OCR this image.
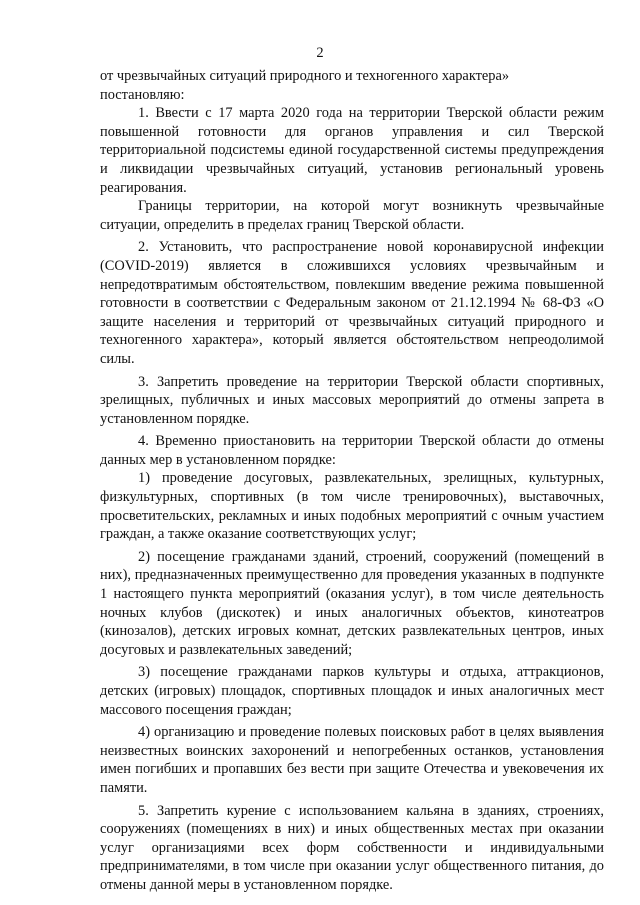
2

от чрезвычайных ситуаций природного и техногенного характера»

постановляю:

1. Ввести с 17 марта 2020 года на территории Тверской области режим повышенной готовности для органов управления и сил Тверской территориальной подсистемы единой государственной системы предупреждения и ликвидации чрезвычайных ситуаций, установив региональный уровень реагирования.

Границы территории, на которой могут возникнуть чрезвычайные ситуации, определить в пределах границ Тверской области.

2. Установить, что распространение новой коронавирусной инфекции (COVID-2019) является в сложившихся условиях чрезвычайным и непредотвратимым обстоятельством, повлекшим введение режима повышенной готовности в соответствии с Федеральным законом от 21.12.1994 № 68-ФЗ «О защите населения и территорий от чрезвычайных ситуаций природного и техногенного характера», который является обстоятельством непреодолимой силы.

3. Запретить проведение на территории Тверской области спортивных, зрелищных, публичных и иных массовых мероприятий до отмены запрета в установленном порядке.

4. Временно приостановить на территории Тверской области до отмены данных мер в установленном порядке:

1) проведение досуговых, развлекательных, зрелищных, культурных, физкультурных, спортивных (в том числе тренировочных), выставочных, просветительских, рекламных и иных подобных мероприятий с очным участием граждан, а также оказание соответствующих услуг;

2) посещение гражданами зданий, строений, сооружений (помещений в них), предназначенных преимущественно для проведения указанных в подпункте 1 настоящего пункта мероприятий (оказания услуг), в том числе деятельность ночных клубов (дискотек) и иных аналогичных объектов, кинотеатров (кинозалов), детских игровых комнат, детских развлекательных центров, иных досуговых и развлекательных заведений;

3) посещение гражданами парков культуры и отдыха, аттракционов, детских (игровых) площадок, спортивных площадок и иных аналогичных мест массового посещения граждан;

4) организацию и проведение полевых поисковых работ в целях выявления неизвестных воинских захоронений и непогребенных останков, установления имен погибших и пропавших без вести при защите Отечества и увековечения их памяти.

5. Запретить курение с использованием кальяна в зданиях, строениях, сооружениях (помещениях в них) и иных общественных местах при оказании услуг организациями всех форм собственности и индивидуальными предпринимателями, в том числе при оказании услуг общественного питания, до отмены данной меры в установленном порядке.
